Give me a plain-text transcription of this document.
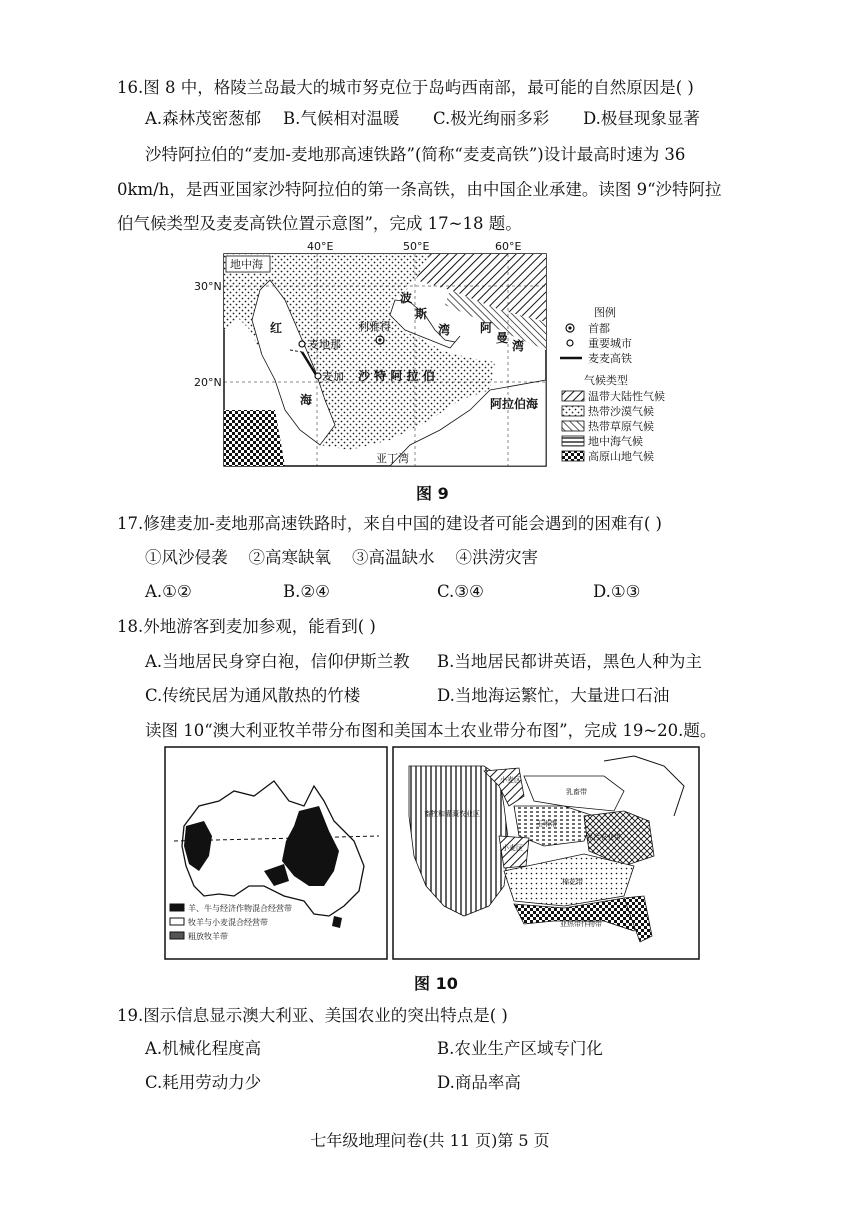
16.图 8 中，格陵兰岛最大的城市努克位于岛屿西南部，最可能的自然原因是( )
A.森林茂密葱郁 B.气候相对温暖 C.极光绚丽多彩 D.极昼现象显著
沙特阿拉伯的“麦加-麦地那高速铁路”(简称“麦麦高铁”)设计最高时速为 36
0km/h，是西亚国家沙特阿拉伯的第一条高铁，由中国企业承建。读图 9“沙特阿拉
伯气候类型及麦麦高铁位置示意图”，完成 17~18 题。
40°E	50°E	60°E
30°N
20°N
地中海
红
海
麦地那
麦加
利雅得
沙 特 阿 拉 伯
波
斯
湾 阿
曼
湾
阿拉伯海
亚丁湾
图例
首都
重要城市
麦麦高铁
气候类型
温带大陆性气候
热带沙漠气候
热带草原气候
地中海气候
高原山地气候
图 9
17.修建麦加-麦地那高速铁路时，来自中国的建设者可能会遇到的困难有( )
①风沙侵袭    ②高寒缺氧    ③高温缺水    ④洪涝灾害
A.①②	B.②④	C.③④	D.①③
18.外地游客到麦加参观，能看到( )
A.当地居民身穿白袍，信仰伊斯兰教 B.当地居民都讲英语，黑色人种为主
C.传统民居为通风散热的竹楼	D.当地海运繁忙，大量进口石油
读图 10“澳大利亚牧羊带分布图和美国本土农业带分布图”，完成 19~20.题。
羊、牛与经济作物混合经营带
牧羊与小麦混合经营带
粗放牧羊带
畜牧和灌溉农业区
小麦区
乳畜带
玉米带
混合农业带
小麦区
棉花带
亚热带作物带
图 10
19.图示信息显示澳大利亚、美国农业的突出特点是( )
A.机械化程度高	B.农业生产区域专门化
C.耗用劳动力少	D.商品率高
七年级地理问卷(共 11 页)第 5 页
